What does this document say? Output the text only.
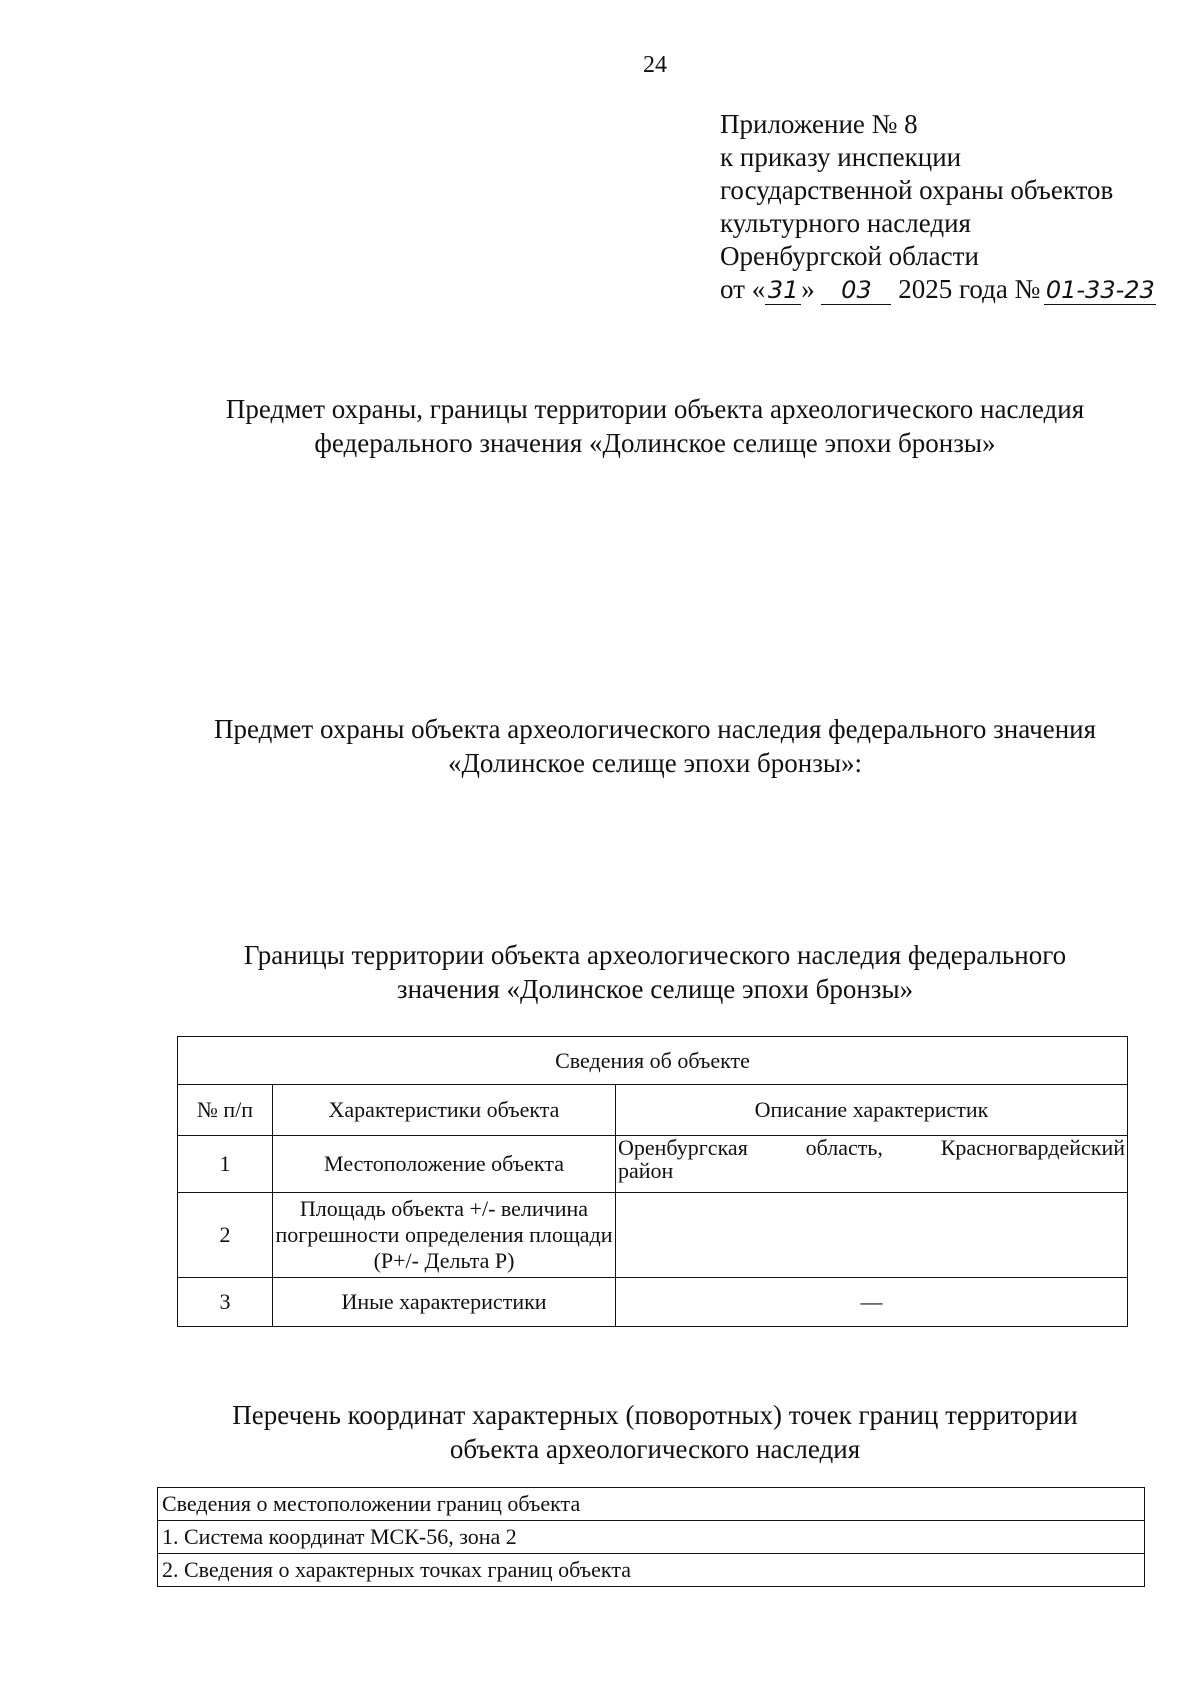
24
Приложение № 8
к приказу инспекции
государственной охраны объектов
культурного наследия
Оренбургской области
от « 31 » 03 2025 года № 01-33-23
Предмет охраны, границы территории объекта археологического наследия
федерального значения «Долинское селище эпохи бронзы»
Предмет охраны объекта археологического наследия федерального значения
«Долинское селище эпохи бронзы»:
Границы территории объекта археологического наследия федерального
значения «Долинское селище эпохи бронзы»
Сведения об объекте		
№ п/п	Характеристики объекта	Описание характеристик
1	Местоположение объекта	Оренбургская область, Красногвардейский
район

2	Площадь объекта +/- величина погрешности определения площади (Р+/- Дельта Р)	
3	Иные характеристики	—
Перечень координат характерных (поворотных) точек границ территории
объекта археологического наследия
Сведения о местоположении границ объекта
1. Система координат МСК-56, зона 2
2. Сведения о характерных точках границ объекта
